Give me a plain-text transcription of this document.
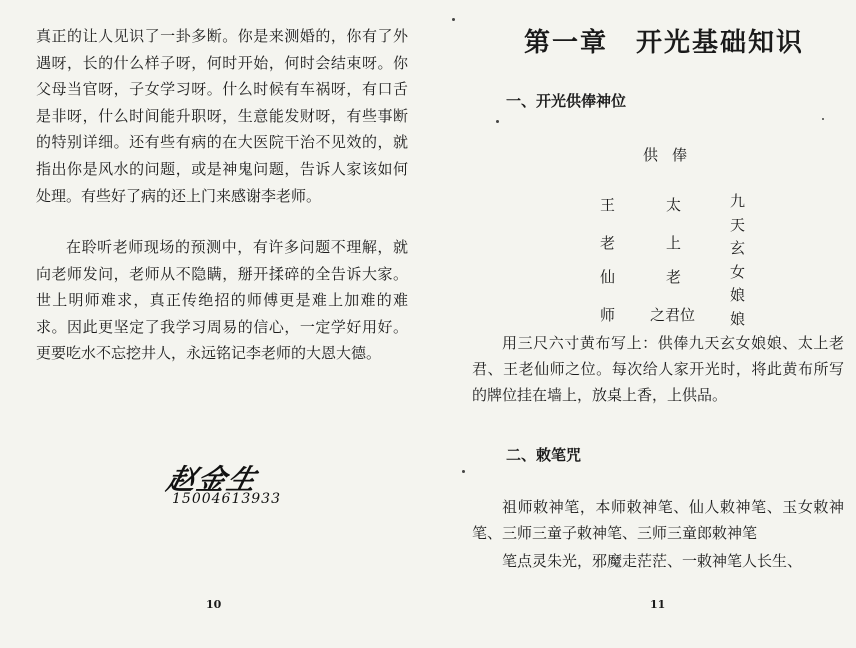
真正的让人见识了一卦多断。你是来测婚的，你有了外遇呀，长的什么样子呀，何时开始，何时会结束呀。你父母当官呀，子女学习呀。什么时候有车祸呀，有口舌是非呀，什么时间能升职呀，生意能发财呀，有些事断的特别详细。还有些有病的在大医院干治不见效的，就指出你是风水的问题，或是神鬼问题，告诉人家该如何处理。有些好了病的还上门来感谢李老师。

在聆听老师现场的预测中，有许多问题不理解，就向老师发问，老师从不隐瞒，掰开揉碎的全告诉大家。世上明师难求，真正传绝招的师傅更是难上加难的难求。因此更坚定了我学习周易的信心，一定学好用好。更要吃水不忘挖井人，永远铭记李老师的大恩大德。

赵金生
15004613933
10
第一章　开光基础知识
一、开光供俸神位
供俸
王
老
仙
师
太
上
老
之君位
九天玄女娘娘

用三尺六寸黄布写上：供俸九天玄女娘娘、太上老君、王老仙师之位。每次给人家开光时，将此黄布所写的牌位挂在墙上，放桌上香，上供品。

二、敕笔咒

祖师敕神笔，本师敕神笔、仙人敕神笔、玉女敕神笔、三师三童子敕神笔、三师三童郎敕神笔

笔点灵朱光，邪魔走茫茫、一敕神笔人长生、
11
